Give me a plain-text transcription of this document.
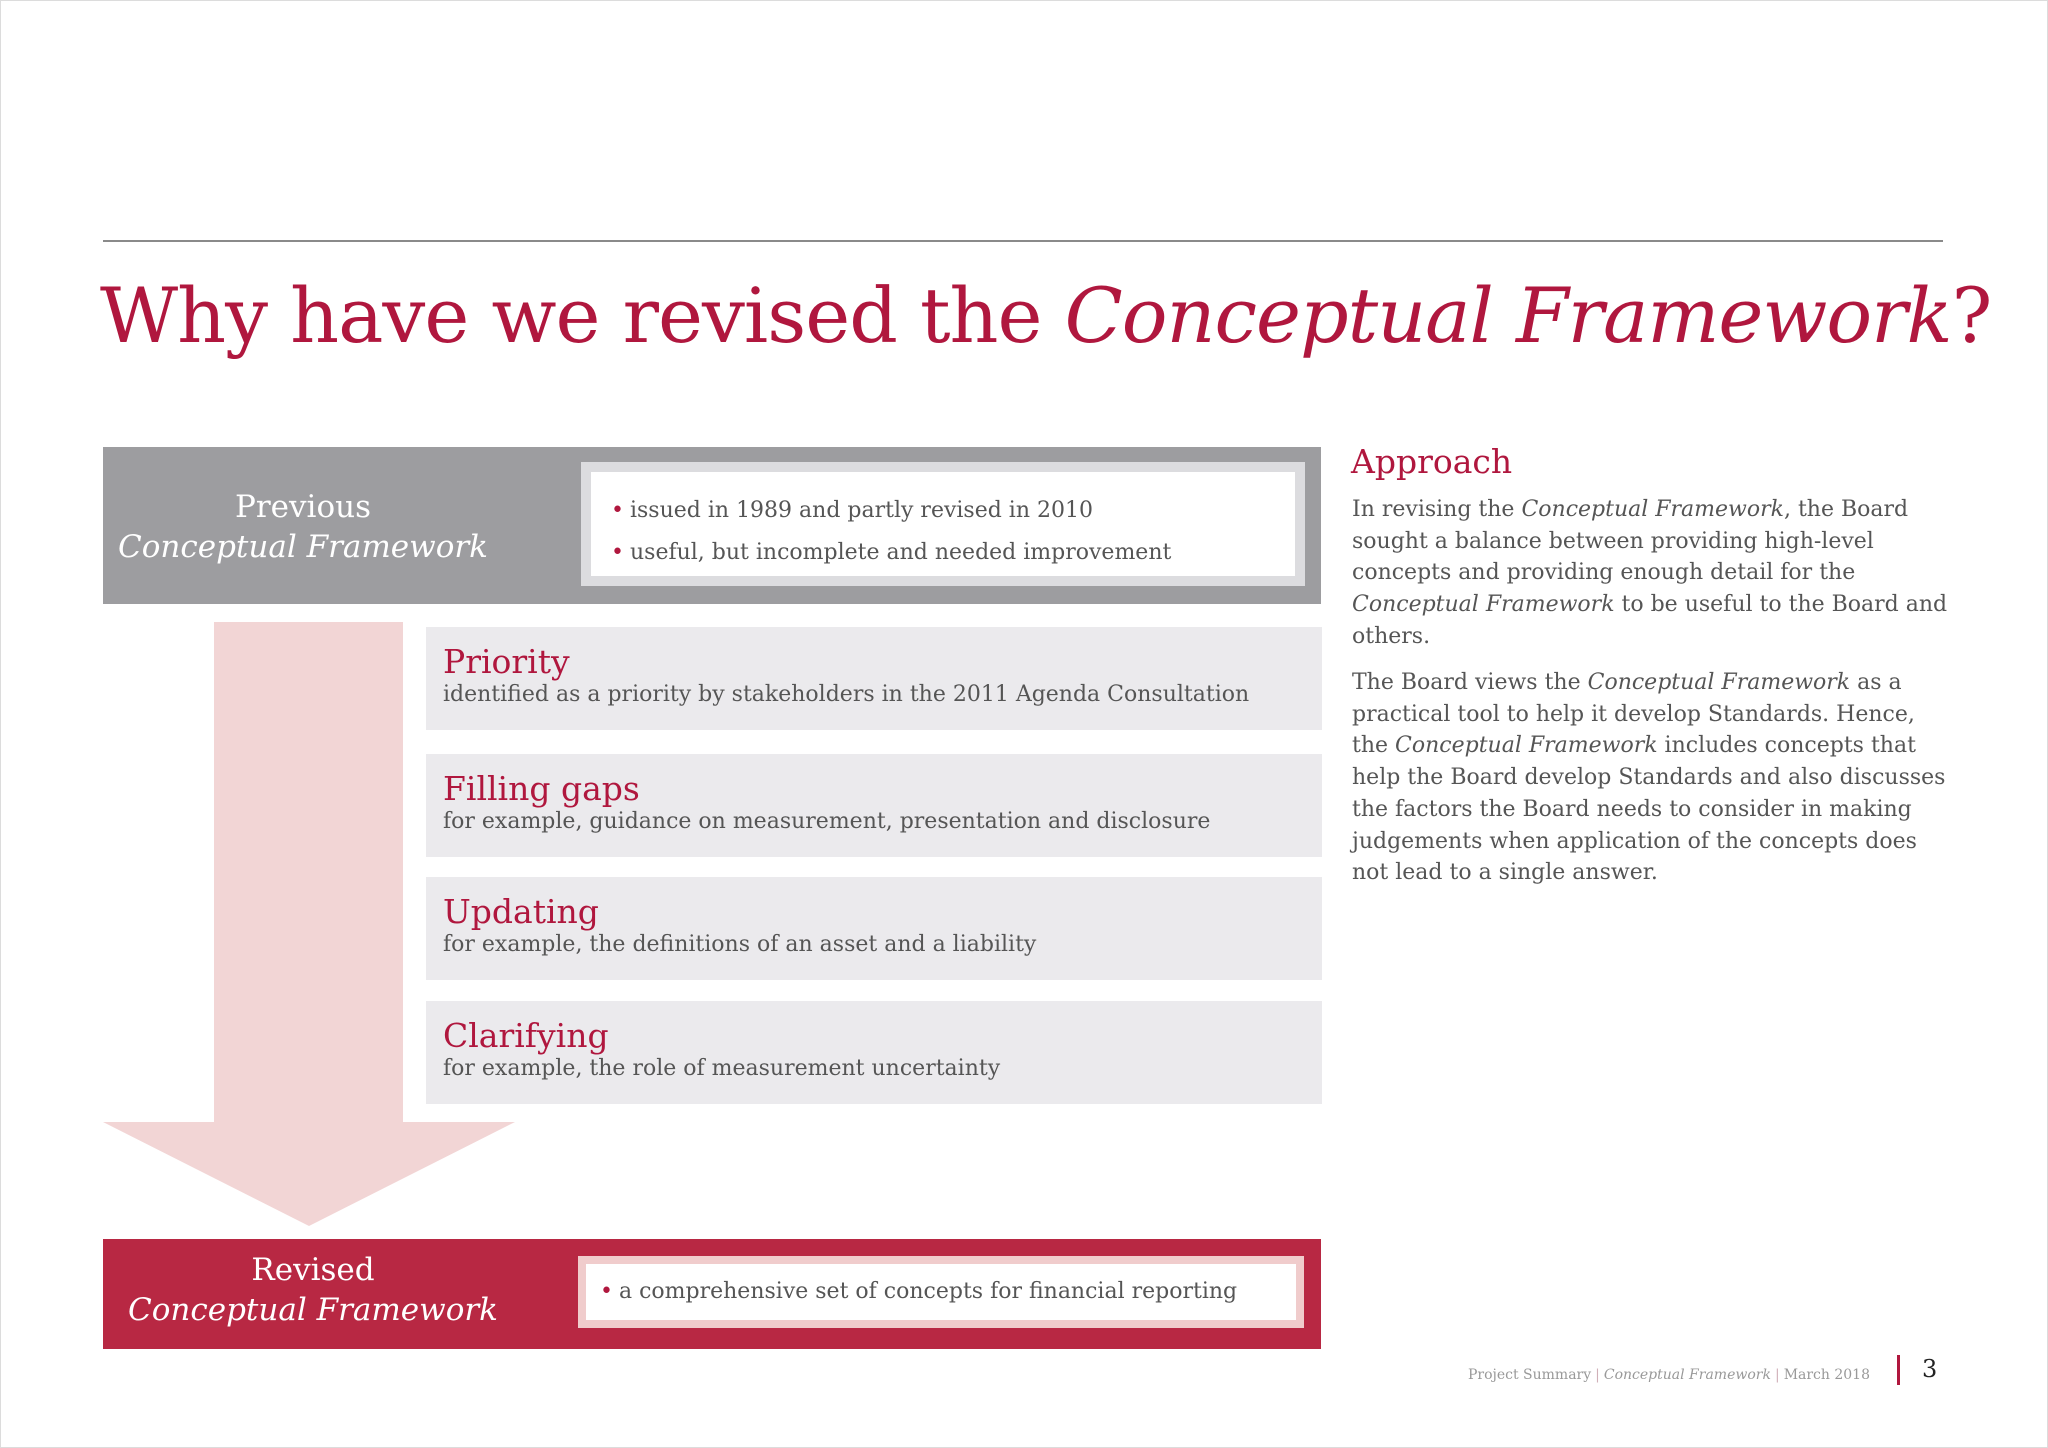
Why have we revised the Conceptual Framework?
Previous
Conceptual Framework
• issued in 1989 and partly revised in 2010
• useful, but incomplete and needed improvement
Priority
identified as a priority by stakeholders in the 2011 Agenda Consultation
Filling gaps
for example, guidance on measurement, presentation and disclosure
Updating
for example, the definitions of an asset and a liability
Clarifying
for example, the role of measurement uncertainty
Revised
Conceptual Framework
• a comprehensive set of concepts for financial reporting
Approach
In revising the Conceptual Framework, the Board sought a balance between providing high-level concepts and providing enough detail for the Conceptual Framework to be useful to the Board and others.
The Board views the Conceptual Framework as a practical tool to help it develop Standards. Hence, the Conceptual Framework includes concepts that help the Board develop Standards and also discusses the factors the Board needs to consider in making judgements when application of the concepts does not lead to a single answer.
Project Summary | Conceptual Framework | March 2018 3
